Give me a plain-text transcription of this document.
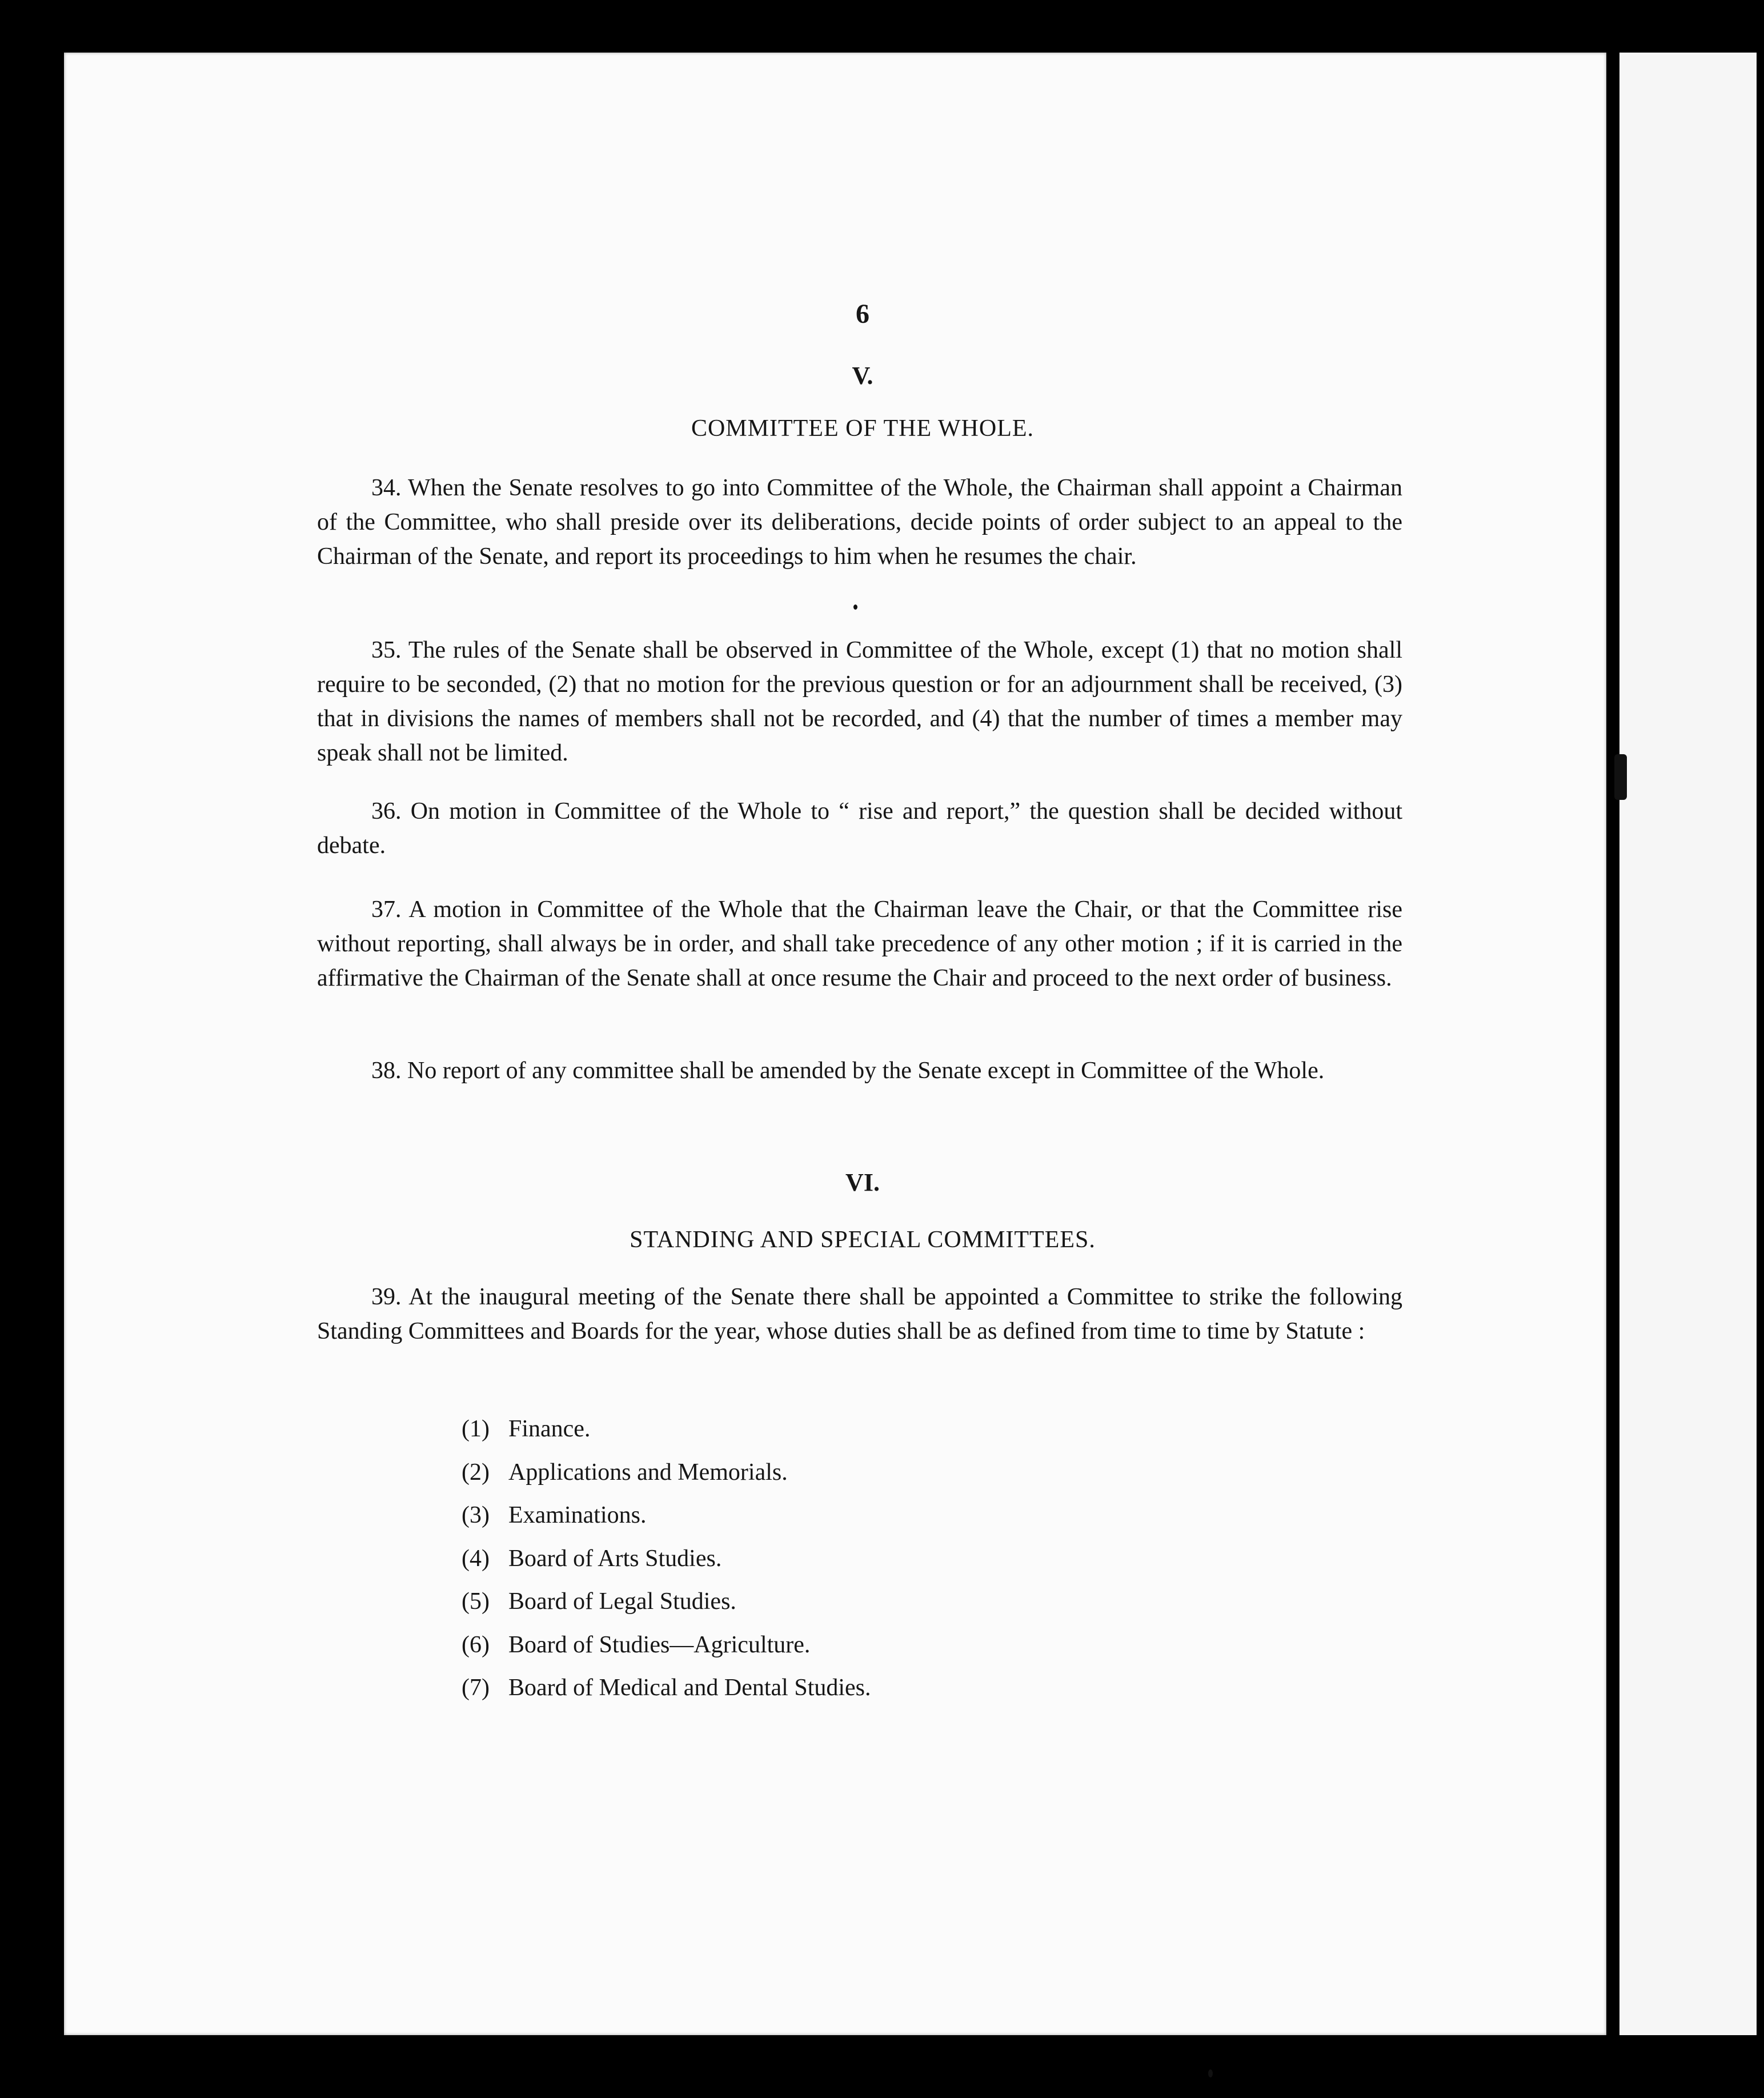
6
V.
COMMITTEE OF THE WHOLE.

34. When the Senate resolves to go into Committee of the Whole, the Chairman shall appoint a Chairman of the Committee, who shall preside over its deliberations, decide points of order subject to an appeal to the Chairman of the Senate, and report its proceedings to him when he resumes the chair.

35. The rules of the Senate shall be observed in Committee of the Whole, except (1) that no motion shall require to be seconded, (2) that no motion for the previous question or for an adjournment shall be received, (3) that in divisions the names of members shall not be recorded, and (4) that the number of times a member may speak shall not be limited.

36. On motion in Committee of the Whole to “ rise and report,” the question shall be decided without debate.

37. A motion in Committee of the Whole that the Chairman leave the Chair, or that the Committee rise without reporting, shall always be in order, and shall take precedence of any other motion ; if it is carried in the affirmative the Chairman of the Senate shall at once resume the Chair and proceed to the next order of business.

38. No report of any committee shall be amended by the Senate except in Committee of the Whole.

VI.
STANDING AND SPECIAL COMMITTEES.

39. At the inaugural meeting of the Senate there shall be appointed a Committee to strike the following Standing Committees and Boards for the year, whose duties shall be as defined from time to time by Statute :

(1) Finance.
(2) Applications and Memorials.
(3) Examinations.
(4) Board of Arts Studies.
(5) Board of Legal Studies.
(6) Board of Studies—Agriculture.
(7) Board of Medical and Dental Studies.
